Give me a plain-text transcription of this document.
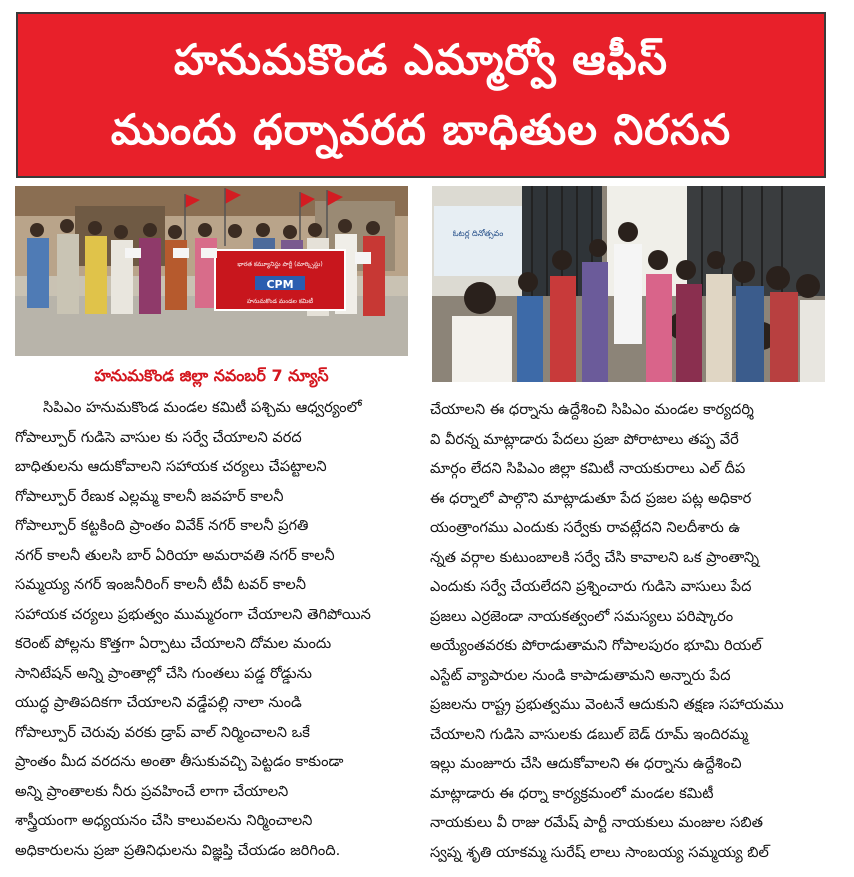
హనుమకొండ ఎమ్మార్వో ఆఫీస్
ముందు ధర్నావరద బాధితుల నిరసన
CPM
భారత కమ్యూనిస్టు పార్టీ (మార్క్సిస్టు)
హనుమకొండ మండల కమిటీ
ఓటర్ల దినోత్సవం
హనుమకొండ జిల్లా నవంబర్ 7 న్యూస్
సిపిఎం హనుమకొండ మండల కమిటీ పశ్చిమ ఆధ్వర్యంలో
గోపాల్పూర్ గుడిసె వాసుల కు సర్వే చేయాలని వరద
బాధితులను ఆదుకోవాలని సహాయక చర్యలు చేపట్టాలని
గోపాల్పూర్ రేణుక ఎల్లమ్మ కాలనీ జవహర్ కాలనీ
గోపాల్పూర్ కట్టకింది ప్రాంతం వివేక్ నగర్ కాలనీ ప్రగతి
నగర్ కాలనీ తులసి బార్ ఏరియా అమరావతి నగర్ కాలనీ
సమ్మయ్య నగర్ ఇంజనీరింగ్ కాలనీ టీవీ టవర్ కాలనీ
సహాయక చర్యలు ప్రభుత్వం ముమ్మరంగా చేయాలని తెగిపోయిన
కరెంట్ పోల్లను కొత్తగా ఏర్పాటు చేయాలని దోమల మందు
సానిటేషన్ అన్ని ప్రాంతాల్లో చేసి గుంతలు పడ్డ రోడ్డును
యుద్ధ ప్రాతిపదికగా చేయాలని వడ్డేపల్లి నాలా నుండి
గోపాల్పూర్ చెరువు వరకు డ్రాప్ వాల్ నిర్మించాలని ఒకే
ప్రాంతం మీద వరదను అంతా తీసుకువచ్చి పెట్టడం కాకుండా
అన్ని ప్రాంతాలకు నీరు ప్రవహించే లాగా చేయాలని
శాస్త్రీయంగా అధ్యయనం చేసి కాలువలను నిర్మించాలని
అధికారులను ప్రజా ప్రతినిధులను విజ్ఞప్తి చేయడం జరిగింది.
చేయాలని ఈ ధర్నాను ఉద్దేశించి సిపిఎం మండల కార్యదర్శి
వి వీరన్న మాట్లాడారు పేదలు ప్రజా పోరాటాలు తప్ప వేరే
మార్గం లేదని సిపిఎం జిల్లా కమిటీ నాయకురాలు ఎల్ దీప
ఈ ధర్నాలో పాల్గొని మాట్లాడుతూ పేద ప్రజల పట్ల అధికార
యంత్రాంగము ఎందుకు సర్వేకు రావట్లేదని నిలదీశారు ఉ
న్నత వర్గాల కుటుంబాలకి సర్వే చేసి కావాలని ఒక ప్రాంతాన్ని
ఎందుకు సర్వే చేయలేదని ప్రశ్నించారు గుడిసె వాసులు పేద
ప్రజలు ఎర్రజెండా నాయకత్వంలో సమస్యలు పరిష్కారం
అయ్యేంతవరకు పోరాడుతామని గోపాలపురం భూమి రియల్
ఎస్టేట్ వ్యాపారుల నుండి కాపాడుతామని అన్నారు పేద
ప్రజలను రాష్ట్ర ప్రభుత్వము వెంటనే ఆదుకుని తక్షణ సహాయము
చేయాలని గుడిసె వాసులకు డబుల్ బెడ్ రూమ్ ఇందిరమ్మ
ఇల్లు మంజూరు చేసి ఆదుకోవాలని ఈ ధర్నాను ఉద్దేశించి
మాట్లాడారు ఈ ధర్నా కార్యక్రమంలో మండల కమిటీ
నాయకులు వీ రాజు రమేష్ పార్టీ నాయకులు మంజుల సబిత
స్వప్న శృతి యాకమ్మ సురేష్ లాలు సాంబయ్య సమ్మయ్య బిల్
